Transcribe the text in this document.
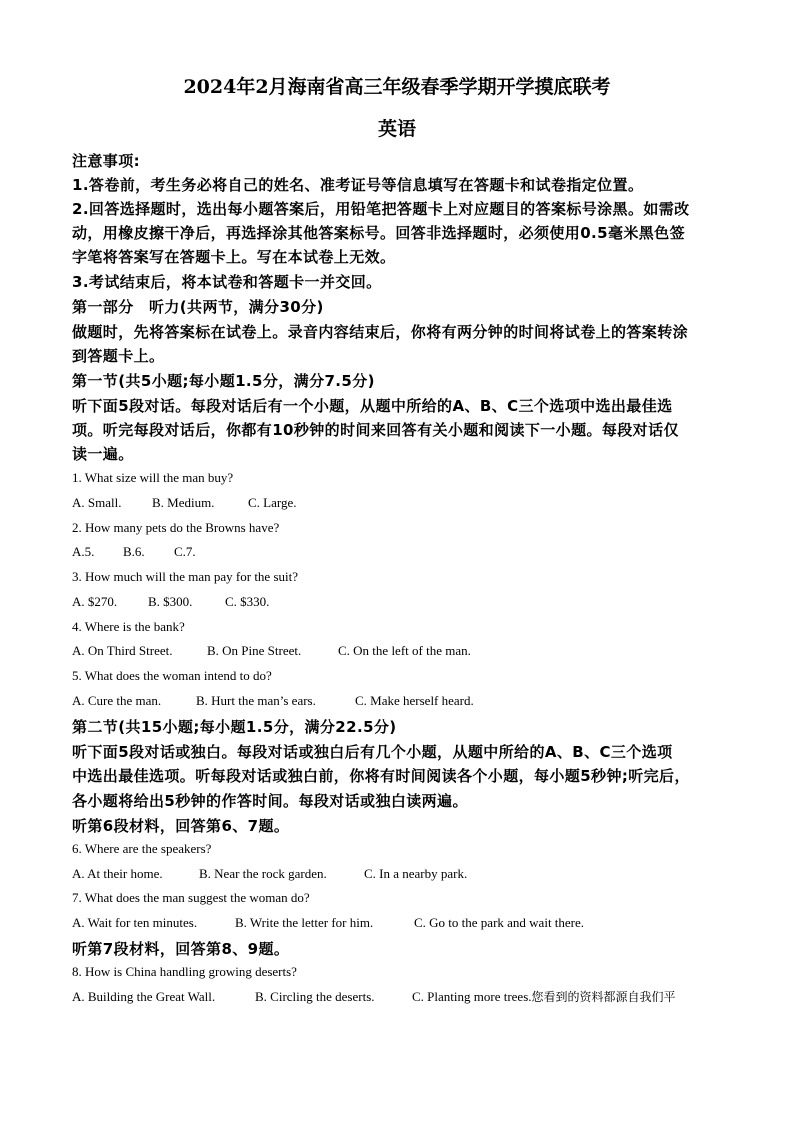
2024年2月海南省高三年级春季学期开学摸底联考
英语
注意事项:
1.答卷前，考生务必将自己的姓名、准考证号等信息填写在答题卡和试卷指定位置。
2.回答选择题时，选出每小题答案后，用铅笔把答题卡上对应题目的答案标号涂黑。如需改
动，用橡皮擦干净后，再选择涂其他答案标号。回答非选择题时，必须使用0.5毫米黑色签
字笔将答案写在答题卡上。写在本试卷上无效。
3.考试结束后，将本试卷和答题卡一并交回。
第一部分　听力(共两节，满分30分)
做题时，先将答案标在试卷上。录音内容结束后，你将有两分钟的时间将试卷上的答案转涂
到答题卡上。
第一节(共5小题;每小题1.5分，满分7.5分)
听下面5段对话。每段对话后有一个小题，从题中所给的A、B、C三个选项中选出最佳选
项。听完每段对话后，你都有10秒钟的时间来回答有关小题和阅读下一小题。每段对话仅
读一遍。
1. What size will the man buy?
A. Small. B. Medium.	C. Large.
2. How many pets do the Browns have?
A.5. B.6. C.7.
3. How much will the man pay for the suit?
A. $270. B. $300.	C. $330.
4. Where is the bank?
A. On Third Street.	B. On Pine Street.	C. On the left of the man.
5. What does the woman intend to do?
A. Cure the man.	B. Hurt the man’s ears.	C. Make herself heard.
第二节(共15小题;每小题1.5分，满分22.5分)
听下面5段对话或独白。每段对话或独白后有几个小题，从题中所给的A、B、C三个选项
中选出最佳选项。听每段对话或独白前，你将有时间阅读各个小题，每小题5秒钟;听完后，
各小题将给出5秒钟的作答时间。每段对话或独白读两遍。
听第6段材料，回答第6、7题。
6. Where are the speakers?
A. At their home.	B. Near the rock garden.	C. In a nearby park.
7. What does the man suggest the woman do?
A. Wait for ten minutes.	B. Write the letter for him.	C. Go to the park and wait there.
听第7段材料，回答第8、9题。
8. How is China handling growing deserts?
A. Building the Great Wall.	B. Circling the deserts.	C. Planting more trees.您看到的资料都源自我们平
